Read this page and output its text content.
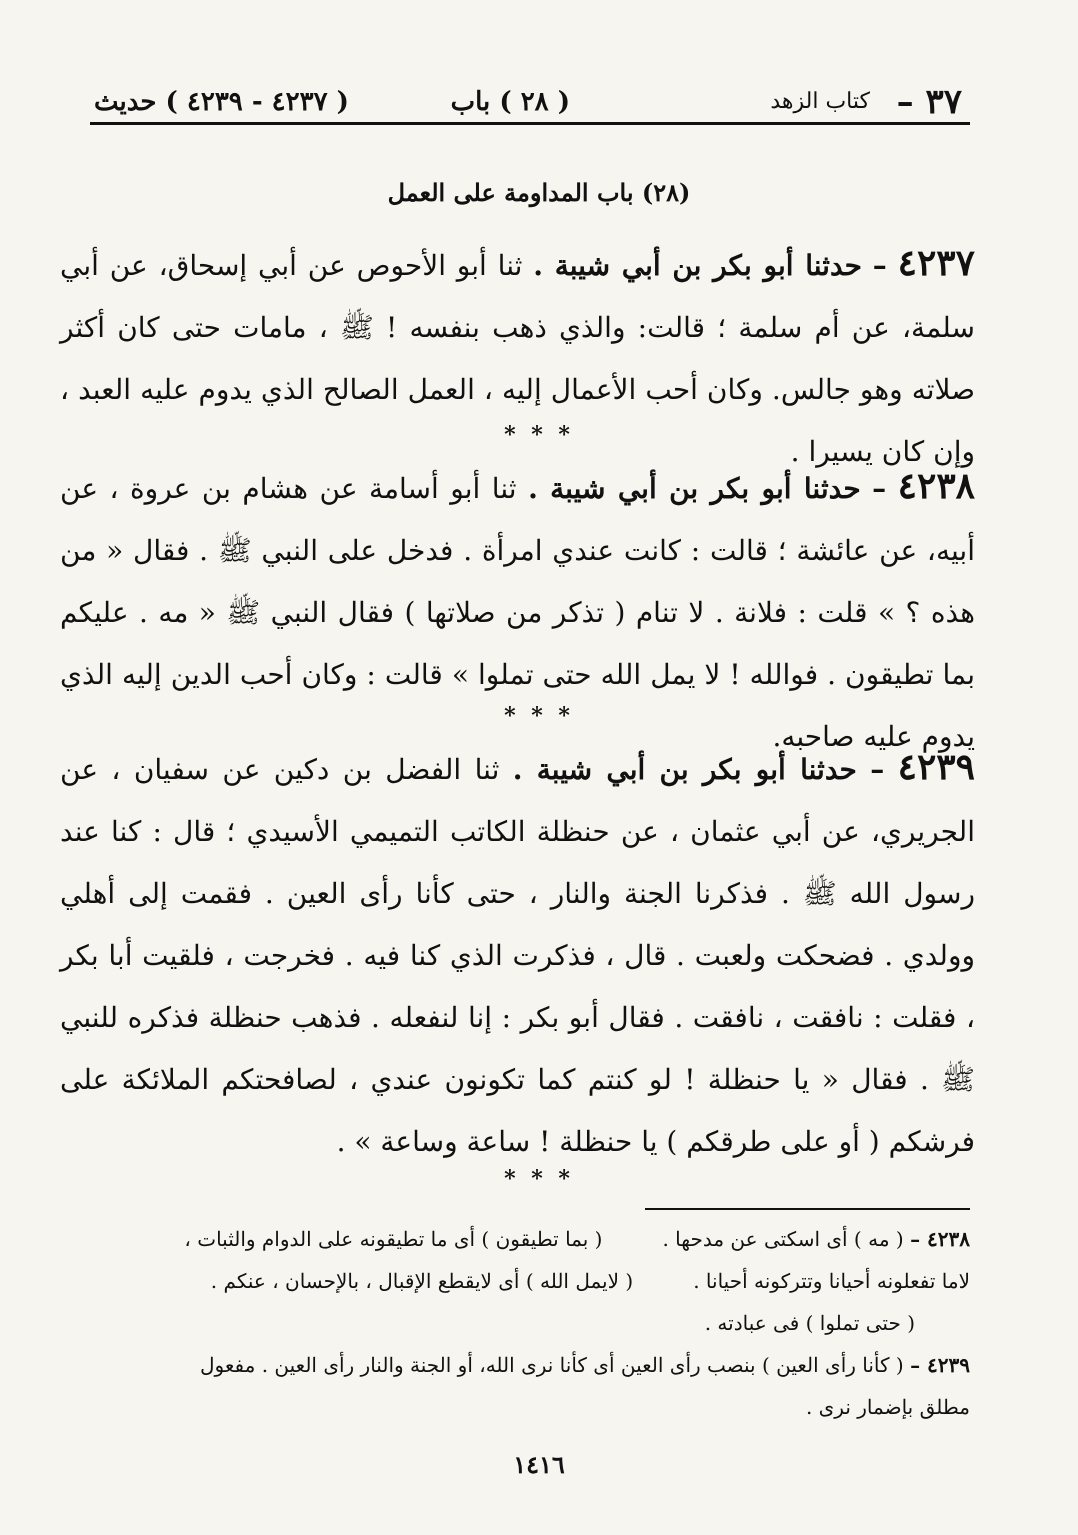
٣٧ –
كتاب الزهد
( ٢٨ ) باب
( ٤٢٣٧ - ٤٢٣٩ ) حديث
(٢٨) باب المداومة على العمل

٤٢٣٧ – حدثنا أبو بكر بن أبي شيبة . ثنا أبو الأحوص عن أبي إسحاق، عن أبي سلمة، عن أم سلمة ؛ قالت: والذي ذهب بنفسه ! ﷺ ، مامات حتى كان أكثر صلاته وهو جالس. وكان أحب الأعمال إليه ، العمل الصالح الذي يدوم عليه العبد ، وإن كان يسيرا .

* * *

٤٢٣٨ – حدثنا أبو بكر بن أبي شيبة . ثنا أبو أسامة عن هشام بن عروة ، عن أبيه، عن عائشة ؛ قالت : كانت عندي امرأة . فدخل على النبي ﷺ . فقال « من هذه ؟ » قلت : فلانة . لا تنام ( تذكر من صلاتها ) فقال النبي ﷺ « مه . عليكم بما تطيقون . فوالله ! لا يمل الله حتى تملوا » قالت : وكان أحب الدين إليه الذي يدوم عليه صاحبه.

* * *

٤٢٣٩ – حدثنا أبو بكر بن أبي شيبة . ثنا الفضل بن دكين عن سفيان ، عن الجريري، عن أبي عثمان ، عن حنظلة الكاتب التميمي الأسيدي ؛ قال : كنا عند رسول الله ﷺ . فذكرنا الجنة والنار ، حتى كأنا رأى العين . فقمت إلى أهلي وولدي . فضحكت ولعبت . قال ، فذكرت الذي كنا فيه . فخرجت ، فلقيت أبا بكر ، فقلت : نافقت ، نافقت . فقال أبو بكر : إنا لنفعله . فذهب حنظلة فذكره للنبي ﷺ . فقال « يا حنظلة ! لو كنتم كما تكونون عندي ، لصافحتكم الملائكة على فرشكم ( أو على طرقكم ) يا حنظلة ! ساعة وساعة » .

* * *

٤٢٣٨ – ( مه ) أى اسكتى عن مدحها .( بما تطيقون ) أى ما تطيقونه على الدوام والثبات ،

لاما تفعلونه أحيانا وتتركونه أحيانا .( لايمل الله ) أى لايقطع الإقبال ، بالإحسان ، عنكم .

( حتى تملوا ) فى عبادته .

٤٢٣٩ – ( كأنا رأى العين ) بنصب رأى العين أى كأنا نرى الله، أو الجنة والنار رأى العين . مفعول

مطلق بإضمار نرى .

١٤١٦
